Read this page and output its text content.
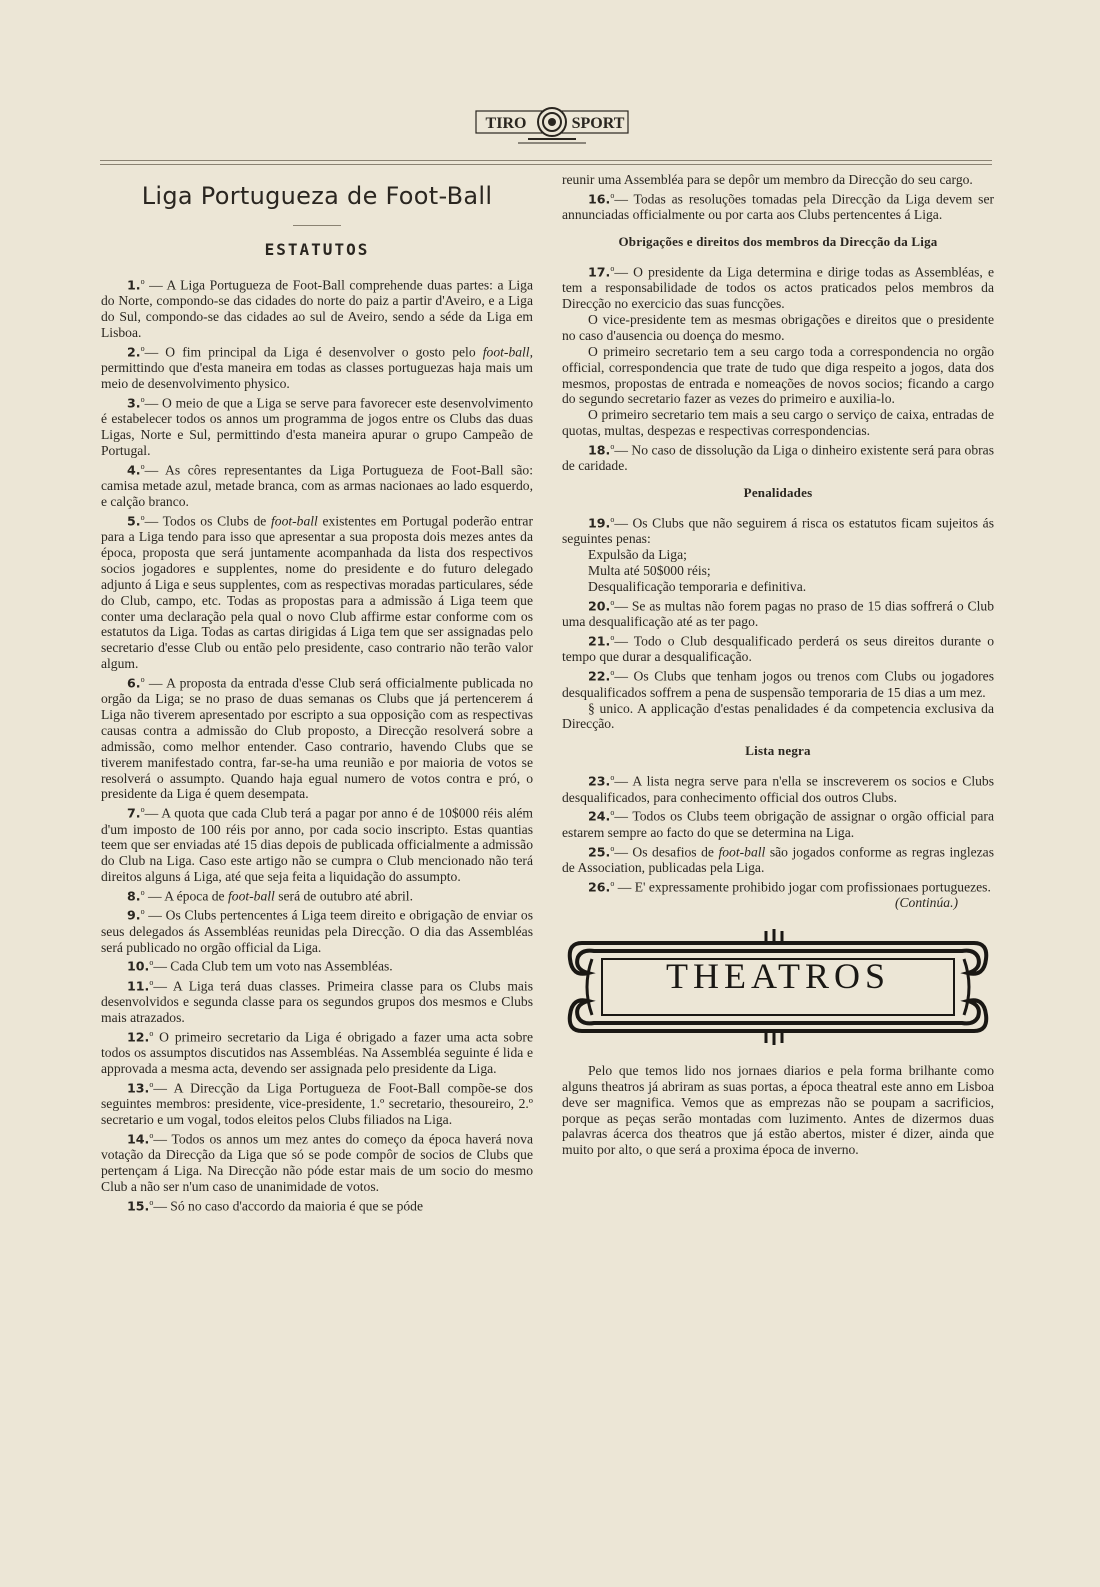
TIRO	SPORT
Liga Portugueza de Foot-Ball
ESTATUTOS

1.$^o$ — A Liga Portugueza de Foot-Ball comprehende duas partes: a Liga do Norte, compondo-se das cidades do norte do paiz a partir d'Aveiro, e a Liga do Sul, compondo-se das cidades ao sul de Aveiro, sendo a séde da Liga em Lisboa.

2.$^o$— O fim principal da Liga é desenvolver o gosto pelo foot-ball, permittindo que d'esta maneira em todas as classes portuguezas haja mais um meio de desenvolvimento physico.

3.$^o$— O meio de que a Liga se serve para favorecer este desenvolvimento é estabelecer todos os annos um programma de jogos entre os Clubs das duas Ligas, Norte e Sul, permittindo d'esta maneira apurar o grupo Campeão de Portugal.

4.$^o$— As côres representantes da Liga Portugueza de Foot-Ball são: camisa metade azul, metade branca, com as armas nacionaes ao lado esquerdo, e calção branco.

5.$^o$— Todos os Clubs de foot-ball existentes em Portugal poderão entrar para a Liga tendo para isso que apresentar a sua proposta dois mezes antes da época, proposta que será juntamente acompanhada da lista dos respectivos socios jogadores e supplentes, nome do presidente e do futuro delegado adjunto á Liga e seus supplentes, com as respectivas moradas particulares, séde do Club, campo, etc. Todas as propostas para a admissão á Liga teem que conter uma declaração pela qual o novo Club affirme estar conforme com os estatutos da Liga. Todas as cartas dirigidas á Liga tem que ser assignadas pelo secretario d'esse Club ou então pelo presidente, caso contrario não terão valor algum.

6.$^o$ — A proposta da entrada d'esse Club será officialmente publicada no orgão da Liga; se no praso de duas semanas os Clubs que já pertencerem á Liga não tiverem apresentado por escripto a sua opposição com as respectivas causas contra a admissão do Club proposto, a Direcção resolverá sobre a admissão, como melhor entender. Caso contrario, havendo Clubs que se tiverem manifestado contra, far-se-ha uma reunião e por maioria de votos se resolverá o assumpto. Quando haja egual numero de votos contra e pró, o presidente da Liga é quem desempata.

7.$^o$— A quota que cada Club terá a pagar por anno é de 10$000 réis além d'um imposto de 100 réis por anno, por cada socio inscripto. Estas quantias teem que ser enviadas até 15 dias depois de publicada officialmente a admissão do Club na Liga. Caso este artigo não se cumpra o Club mencionado não terá direitos alguns á Liga, até que seja feita a liquidação do assumpto.

8.$^o$ — A época de foot-ball será de outubro até abril.

9.$^o$ — Os Clubs pertencentes á Liga teem direito e obrigação de enviar os seus delegados ás Assembléas reunidas pela Direcção. O dia das Assembléas será publicado no orgão official da Liga.

10.$^o$— Cada Club tem um voto nas Assembléas.

11.$^o$— A Liga terá duas classes. Primeira classe para os Clubs mais desenvolvidos e segunda classe para os segundos grupos dos mesmos e Clubs mais atrazados.

12.$^o$ O primeiro secretario da Liga é obrigado a fazer uma acta sobre todos os assumptos discutidos nas Assembléas. Na Assembléa seguinte é lida e approvada a mesma acta, devendo ser assignada pelo presidente da Liga.

13.$^o$— A Direcção da Liga Portugueza de Foot-Ball compõe-se dos seguintes membros: presidente, vice-presidente, 1.º secretario, thesoureiro, 2.º secretario e um vogal, todos eleitos pelos Clubs filiados na Liga.

14.$^o$— Todos os annos um mez antes do começo da época haverá nova votação da Direcção da Liga que só se pode compôr de socios de Clubs que pertençam á Liga. Na Direcção não póde estar mais de um socio do mesmo Club a não ser n'um caso de unanimidade de votos.

15.$^o$— Só no caso d'accordo da maioria é que se póde

reunir uma Assembléa para se depôr um membro da Direcção do seu cargo.

16.$^o$— Todas as resoluções tomadas pela Direcção da Liga devem ser annunciadas officialmente ou por carta aos Clubs pertencentes á Liga.

Obrigações e direitos dos membros da Direcção da Liga

17.$^o$— O presidente da Liga determina e dirige todas as Assembléas, e tem a responsabilidade de todos os actos praticados pelos membros da Direcção no exercicio das suas funcções.

O vice-presidente tem as mesmas obrigações e direitos que o presidente no caso d'ausencia ou doença do mesmo.

O primeiro secretario tem a seu cargo toda a correspondencia no orgão official, correspondencia que trate de tudo que diga respeito a jogos, data dos mesmos, propostas de entrada e nomeações de novos socios; ficando a cargo do segundo secretario fazer as vezes do primeiro e auxilia-lo.

O primeiro secretario tem mais a seu cargo o serviço de caixa, entradas de quotas, multas, despezas e respectivas correspondencias.

18.$^o$— No caso de dissolução da Liga o dinheiro existente será para obras de caridade.

Penalidades

19.$^o$— Os Clubs que não seguirem á risca os estatutos ficam sujeitos ás seguintes penas:

Expulsão da Liga;

Multa até 50$000 réis;

Desqualificação temporaria e definitiva.

20.$^o$— Se as multas não forem pagas no praso de 15 dias soffrerá o Club uma desqualificação até as ter pago.

21.$^o$— Todo o Club desqualificado perderá os seus direitos durante o tempo que durar a desqualificação.

22.$^o$— Os Clubs que tenham jogos ou trenos com Clubs ou jogadores desqualificados soffrem a pena de suspensão temporaria de 15 dias a um mez.

§ unico. A applicação d'estas penalidades é da competencia exclusiva da Direcção.

Lista negra

23.$^o$— A lista negra serve para n'ella se inscreverem os socios e Clubs desqualificados, para conhecimento official dos outros Clubs.

24.$^o$— Todos os Clubs teem obrigação de assignar o orgão official para estarem sempre ao facto do que se determina na Liga.

25.$^o$— Os desafios de foot-ball são jogados conforme as regras inglezas de Association, publicadas pela Liga.

26.$^o$ — E' expressamente prohibido jogar com profissionaes portuguezes.

(Continúa.)

THEATROS

Pelo que temos lido nos jornaes diarios e pela forma brilhante como alguns theatros já abriram as suas portas, a época theatral este anno em Lisboa deve ser magnifica. Vemos que as emprezas não se poupam a sacrificios, porque as peças serão montadas com luzimento. Antes de dizermos duas palavras ácerca dos theatros que já estão abertos, mister é dizer, ainda que muito por alto, o que será a proxima época de inverno.
